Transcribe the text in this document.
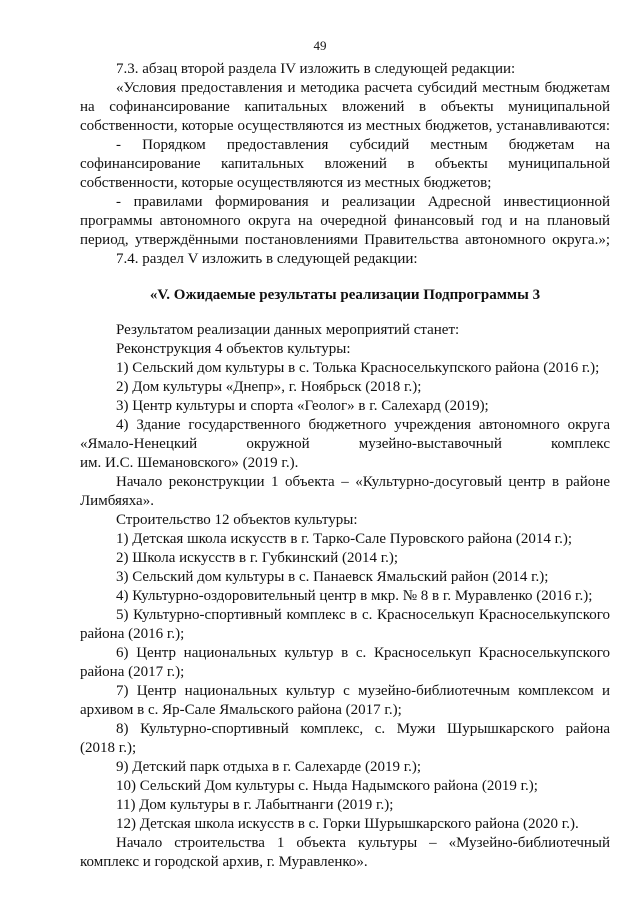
49

7.3. абзац второй раздела IV изложить в следующей редакции:

«Условия предоставления и методика расчета субсидий местным бюджетам

на софинансирование капитальных вложений в объекты муниципальной

собственности, которые осуществляются из местных бюджетов, устанавливаются:

- Порядком предоставления субсидий местным бюджетам на

софинансирование капитальных вложений в объекты муниципальной

собственности, которые осуществляются из местных бюджетов;

- правилами формирования и реализации Адресной инвестиционной

программы автономного округа на очередной финансовый год и на плановый

период, утверждёнными постановлениями Правительства автономного округа.»;

7.4. раздел V изложить в следующей редакции:

«V. Ожидаемые результаты реализации Подпрограммы 3

Результатом реализации данных мероприятий станет:

Реконструкция 4 объектов культуры:

1) Сельский дом культуры в с. Толька Красноселькупского района (2016 г.);

2) Дом культуры «Днепр», г. Ноябрьск (2018 г.);

3) Центр культуры и спорта «Геолог» в г. Салехард (2019);

4) Здание государственного бюджетного учреждения автономного округа

«Ямало-Ненецкий окружной музейно-выставочный комплекс

им. И.С. Шемановского» (2019 г.).

Начало реконструкции 1 объекта – «Культурно-досуговый центр в районе

Лимбяяха».

Строительство 12 объектов культуры:

1) Детская школа искусств в г. Тарко-Сале Пуровского района (2014 г.);

2) Школа искусств в г. Губкинский (2014 г.);

3) Сельский дом культуры в с. Панаевск Ямальский район (2014 г.);

4) Культурно-оздоровительный центр в мкр. № 8 в г. Муравленко (2016 г.);

5) Культурно-спортивный комплекс в с. Красноселькуп Красноселькупского

района (2016 г.);

6) Центр национальных культур в с. Красноселькуп Красноселькупского

района (2017 г.);

7) Центр национальных культур с музейно-библиотечным комплексом и

архивом в с. Яр-Сале Ямальского района (2017 г.);

8) Культурно-спортивный комплекс, с. Мужи Шурышкарского района

(2018 г.);

9) Детский парк отдыха в г. Салехарде (2019 г.);

10) Сельский Дом культуры с. Ныда Надымского района (2019 г.);

11) Дом культуры в г. Лабытнанги (2019 г.);

12) Детская школа искусств в с. Горки Шурышкарского района (2020 г.).

Начало строительства 1 объекта культуры – «Музейно-библиотечный

комплекс и городской архив, г. Муравленко».
